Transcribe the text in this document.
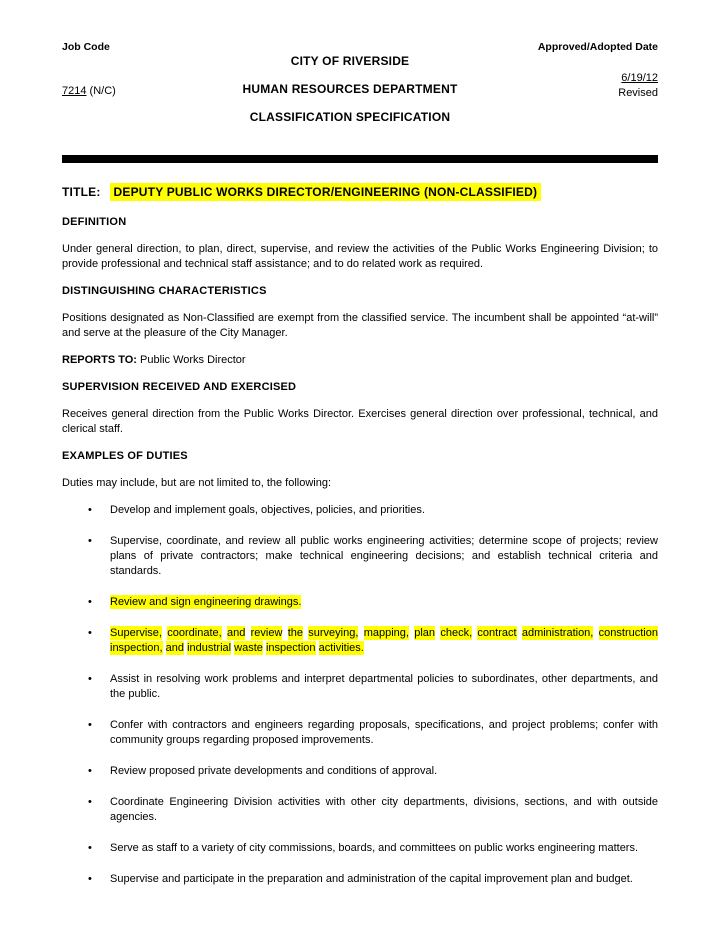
Job Code
7214 (N/C)
CITY OF RIVERSIDE
HUMAN RESOURCES DEPARTMENT
CLASSIFICATION SPECIFICATION
Approved/Adopted Date
6/19/12
Revised
TITLE: DEPUTY PUBLIC WORKS DIRECTOR/ENGINEERING (NON-CLASSIFIED)
DEFINITION

Under general direction, to plan, direct, supervise, and review the activities of the Public Works Engineering Division; to provide professional and technical staff assistance; and to do related work as required.

DISTINGUISHING CHARACTERISTICS

Positions designated as Non-Classified are exempt from the classified service. The incumbent shall be appointed “at-will” and serve at the pleasure of the City Manager.

REPORTS TO: Public Works Director

SUPERVISION RECEIVED AND EXERCISED

Receives general direction from the Public Works Director. Exercises general direction over professional, technical, and clerical staff.

EXAMPLES OF DUTIES

Duties may include, but are not limited to, the following:

• Develop and implement goals, objectives, policies, and priorities.
• Supervise, coordinate, and review all public works engineering activities; determine scope of projects; review plans of private contractors; make technical engineering decisions; and establish technical criteria and standards.
• Review and sign engineering drawings.
• Supervise, coordinate, and review the surveying, mapping, plan check, contract administration, construction inspection, and industrial waste inspection activities.
• Assist in resolving work problems and interpret departmental policies to subordinates, other departments, and the public.
• Confer with contractors and engineers regarding proposals, specifications, and project problems; confer with community groups regarding proposed improvements.
• Review proposed private developments and conditions of approval.
• Coordinate Engineering Division activities with other city departments, divisions, sections, and with outside agencies.
• Serve as staff to a variety of city commissions, boards, and committees on public works engineering matters.
• Supervise and participate in the preparation and administration of the capital improvement plan and budget.
